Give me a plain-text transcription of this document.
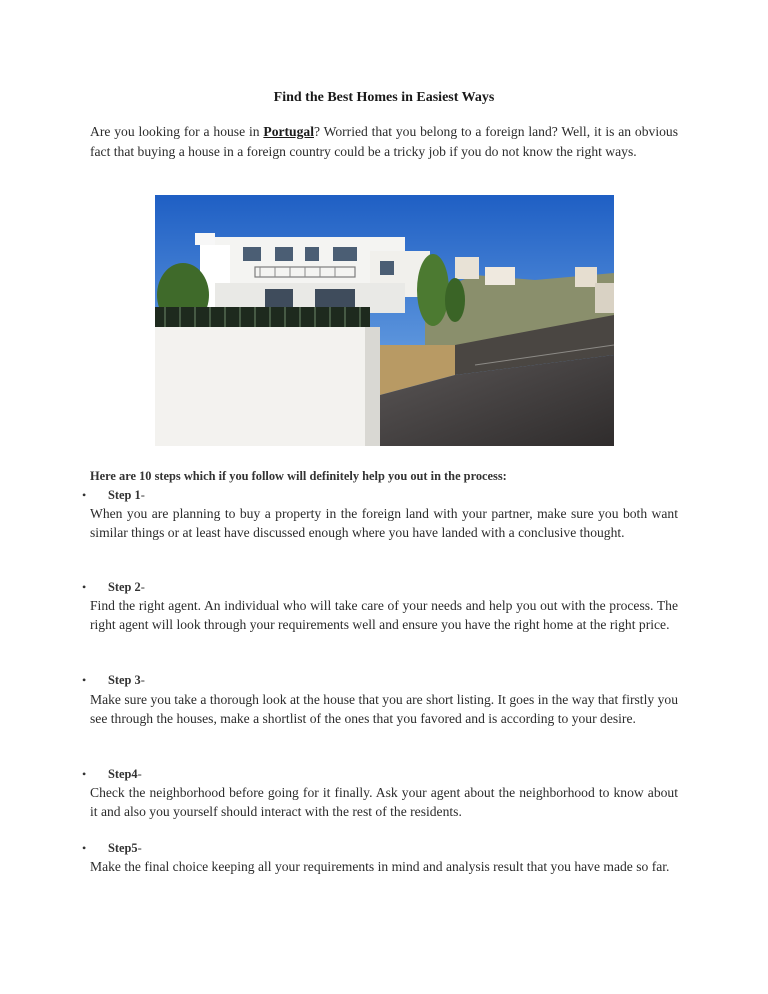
Find the Best Homes in Easiest Ways
Are you looking for a house in Portugal? Worried that you belong to a foreign land? Well, it is an obvious fact that buying a house in a foreign country could be a tricky job if you do not know the right ways.
Here are 10 steps which if you follow will definitely help you out in the process:
• Step 1-
When you are planning to buy a property in the foreign land with your partner, make sure you both want similar things or at least have discussed enough where you have landed with a conclusive thought.
• Step 2-
Find the right agent. An individual who will take care of your needs and help you out with the process. The right agent will look through your requirements well and ensure you have the right home at the right price.
• Step 3-
Make sure you take a thorough look at the house that you are short listing. It goes in the way that firstly you see through the houses, make a shortlist of the ones that you favored and is according to your desire.
• Step4-
Check the neighborhood before going for it finally. Ask your agent about the neighborhood to know about it and also you yourself should interact with the rest of the residents.
• Step5-
Make the final choice keeping all your requirements in mind and analysis result that you have made so far.
